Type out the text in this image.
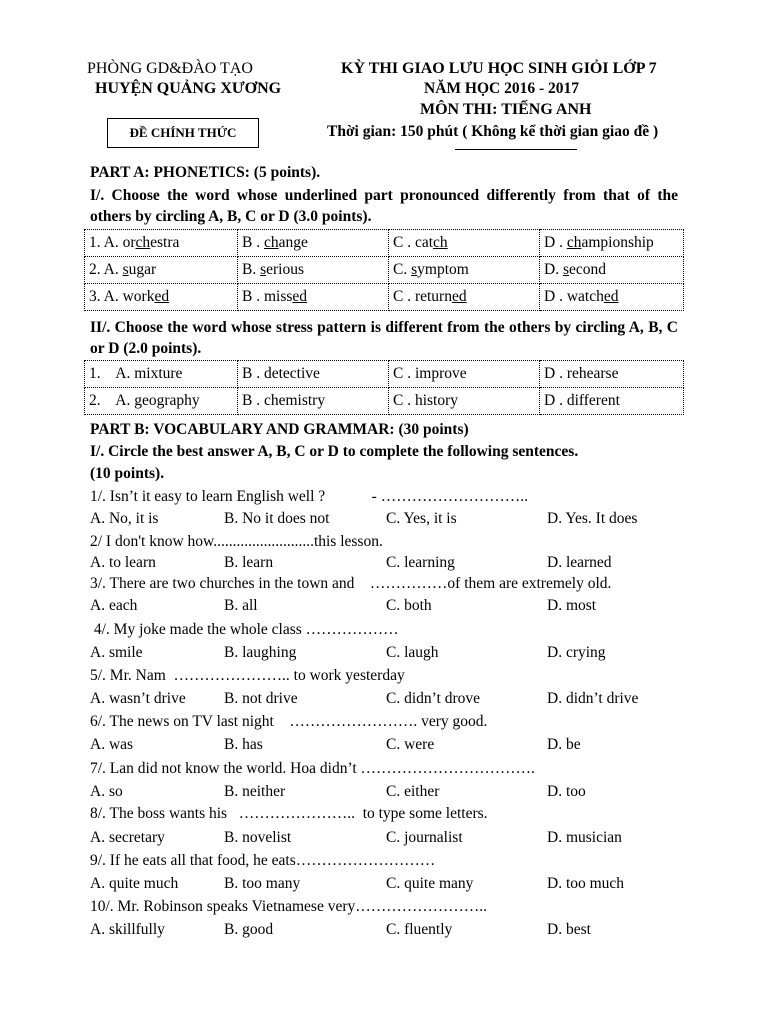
PHÒNG GD&ĐÀO TẠO
HUYỆN QUẢNG XƯƠNG
ĐỀ CHÍNH THỨC
KỲ THI GIAO LƯU HỌC SINH GIỎI LỚP 7
NĂM HỌC 2016 - 2017
MÔN THI: TIẾNG ANH
Thời gian: 150 phút ( Không kể thời gian giao đề )
PART A: PHONETICS: (5 points).
I/. Choose the word whose underlined part pronounced differently from that of the others by circling A, B, C or D (3.0 points).
1. A. orchestra	B . change	C . catch	D . championship
2. A. sugar	B. serious	C. symptom	D. second
3. A. worked	B . missed	C . returned	D . watched
II/. Choose the word whose stress pattern is different from the others by circling A, B, C or D (2.0 points).
1.    A. mixture	B . detective	C . improve	D . rehearse
2.    A. geography	B . chemistry	C . history	D . different
PART B: VOCABULARY AND GRAMMAR: (30 points)
I/. Circle the best answer A, B, C or D to complete the following sentences.
(10 points).
1/. Isn’t it easy to learn English well ?            - ………………………..
A. No, it is	B. No it does not	C. Yes, it is	D. Yes. It does
2/ I don't know how..........................this lesson.
A. to learn	B. learn	C. learning	D. learned
3/. There are two churches in the town and    ……………of them are extremely old.
A. each	B. all	C. both	D. most
4/. My joke made the whole class ………………
A. smile	B. laughing	C. laugh	D. crying
5/. Mr. Nam  ………………….. to work yesterday
A. wasn’t drive B. not drive	C. didn’t drove	D. didn’t drive
6/. The news on TV last night    ……………………. very good.
A. was	B. has	C. were	D. be
7/. Lan did not know the world. Hoa didn’t …………………………….
A. so	B. neither	C. either	D. too
8/. The boss wants his   …………………..  to type some letters.
A. secretary	B. novelist	C. journalist	D. musician
9/. If he eats all that food, he eats………………………
A. quite much	B. too many	C. quite many	D. too much
10/. Mr. Robinson speaks Vietnamese very……………………..
A. skillfully	B. good	C. fluently	D. best
